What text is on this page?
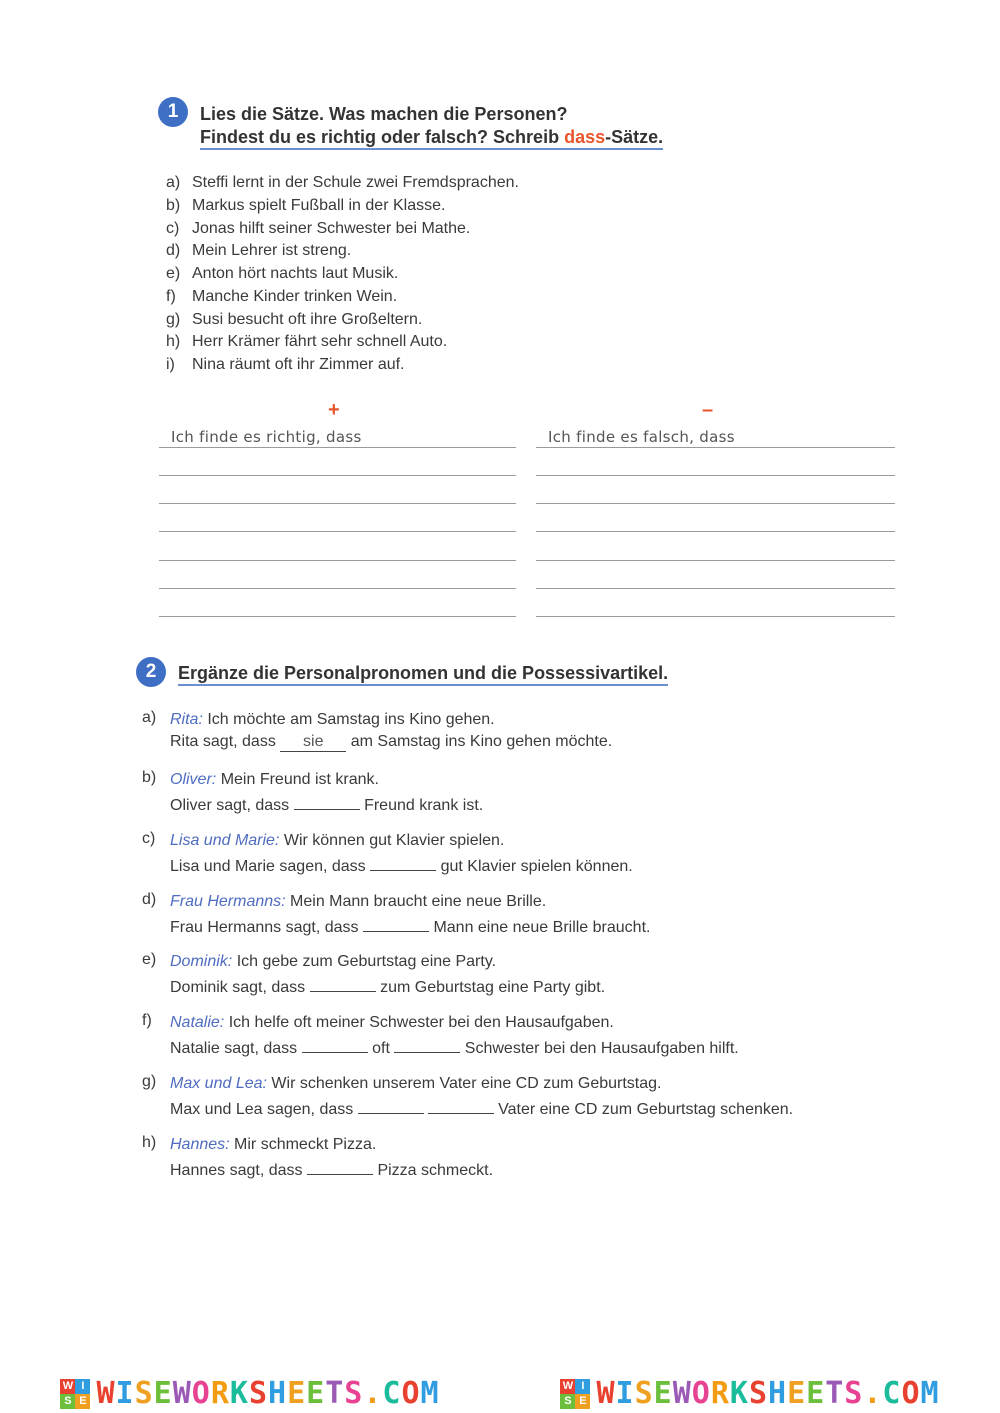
1	Lies die Sätze. Was machen die Personen?
Findest du es richtig oder falsch? Schreib dass-Sätze.
a) Steffi lernt in der Schule zwei Fremdsprachen.
b) Markus spielt Fußball in der Klasse.
c) Jonas hilft seiner Schwester bei Mathe.
d) Mein Lehrer ist streng.
e) Anton hört nachts laut Musik.
f) Manche Kinder trinken Wein.
g) Susi besucht oft ihre Großeltern.
h) Herr Krämer fährt sehr schnell Auto.
i) Nina räumt oft ihr Zimmer auf.
+	–
Ich finde es richtig, dass	Ich finde es falsch, dass
2	Ergänze die Personalpronomen und die Possessivartikel.
a) Rita: Ich möchte am Samstag ins Kino gehen.
Rita sagt, dass sie am Samstag ins Kino gehen möchte.
b) Oliver: Mein Freund ist krank.
Oliver sagt, dass	Freund krank ist.
c) Lisa und Marie: Wir können gut Klavier spielen.
Lisa und Marie sagen, dass	gut Klavier spielen können.
d) Frau Hermanns: Mein Mann braucht eine neue Brille.
Frau Hermanns sagt, dass	Mann eine neue Brille braucht.
e) Dominik: Ich gebe zum Geburtstag eine Party.
Dominik sagt, dass	zum Geburtstag eine Party gibt.
f) Natalie: Ich helfe oft meiner Schwester bei den Hausaufgaben.
Natalie sagt, dass	oft	Schwester bei den Hausaufgaben hilft.
g) Max und Lea: Wir schenken unserem Vater eine CD zum Geburtstag.
Max und Lea sagen, dass	Vater eine CD zum Geburtstag schenken.
h) Hannes: Mir schmeckt Pizza.
Hannes sagt, dass	Pizza schmeckt.
W I
S E WISEWORKSHEETS.COM	W I
S E WISEWORKSHEETS.COM
